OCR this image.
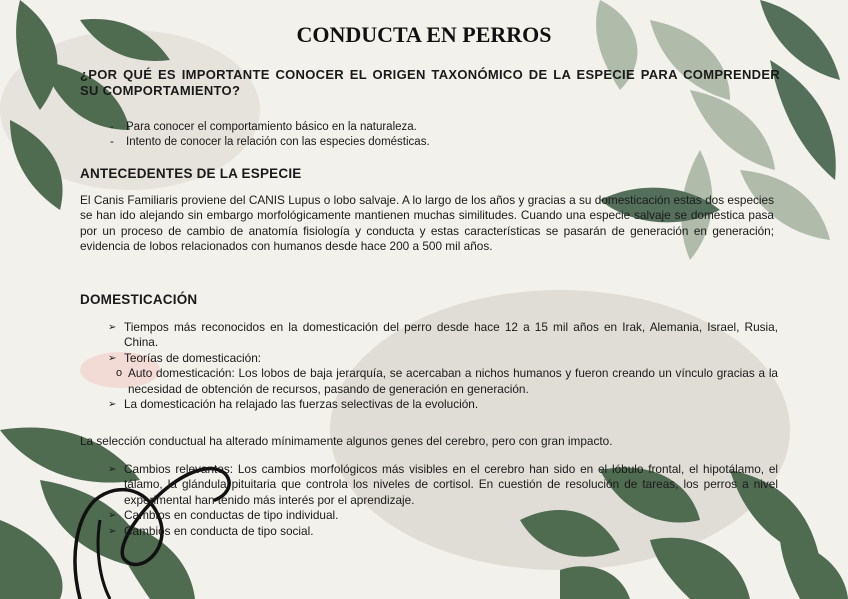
CONDUCTA EN PERROS
¿POR QUÉ ES IMPORTANTE CONOCER EL ORIGEN TAXONÓMICO DE LA ESPECIE PARA COMPRENDER SU COMPORTAMIENTO?
- Para conocer el comportamiento básico en la naturaleza.
- Intento de conocer la relación con las especies domésticas.
ANTECEDENTES DE LA ESPECIE

El Canis Familiaris proviene del CANIS Lupus o lobo salvaje. A lo largo de los años y gracias a su domesticación estas dos especies se han ido alejando sin embargo morfológicamente mantienen muchas similitudes. Cuando una especie salvaje se domestica pasa por un proceso de cambio de anatomía fisiología y conducta y estas características se pasarán de generación en generación; evidencia de lobos relacionados con humanos desde hace 200 a 500 mil años.

DOMESTICACIÓN
➢ Tiempos más reconocidos en la domesticación del perro desde hace 12 a 15 mil años en Irak, Alemania, Israel, Rusia, China.
➢ Teorías de domesticación:
o Auto domesticación: Los lobos de baja jerarquía, se acercaban a nichos humanos y fueron creando un vínculo gracias a la necesidad de obtención de recursos, pasando de generación en generación.
➢ La domesticación ha relajado las fuerzas selectivas de la evolución.

La selección conductual ha alterado mínimamente algunos genes del cerebro, pero con gran impacto.

➢ Cambios relevantes: Los cambios morfológicos más visibles en el cerebro han sido en el lóbulo frontal, el hipotálamo, el tálamo, la glándula pituitaria que controla los niveles de cortisol. En cuestión de resolución de tareas, los perros a nivel experimental han tenido más interés por el aprendizaje.
➢ Cambios en conductas de tipo individual.
➢ Cambios en conducta de tipo social.
